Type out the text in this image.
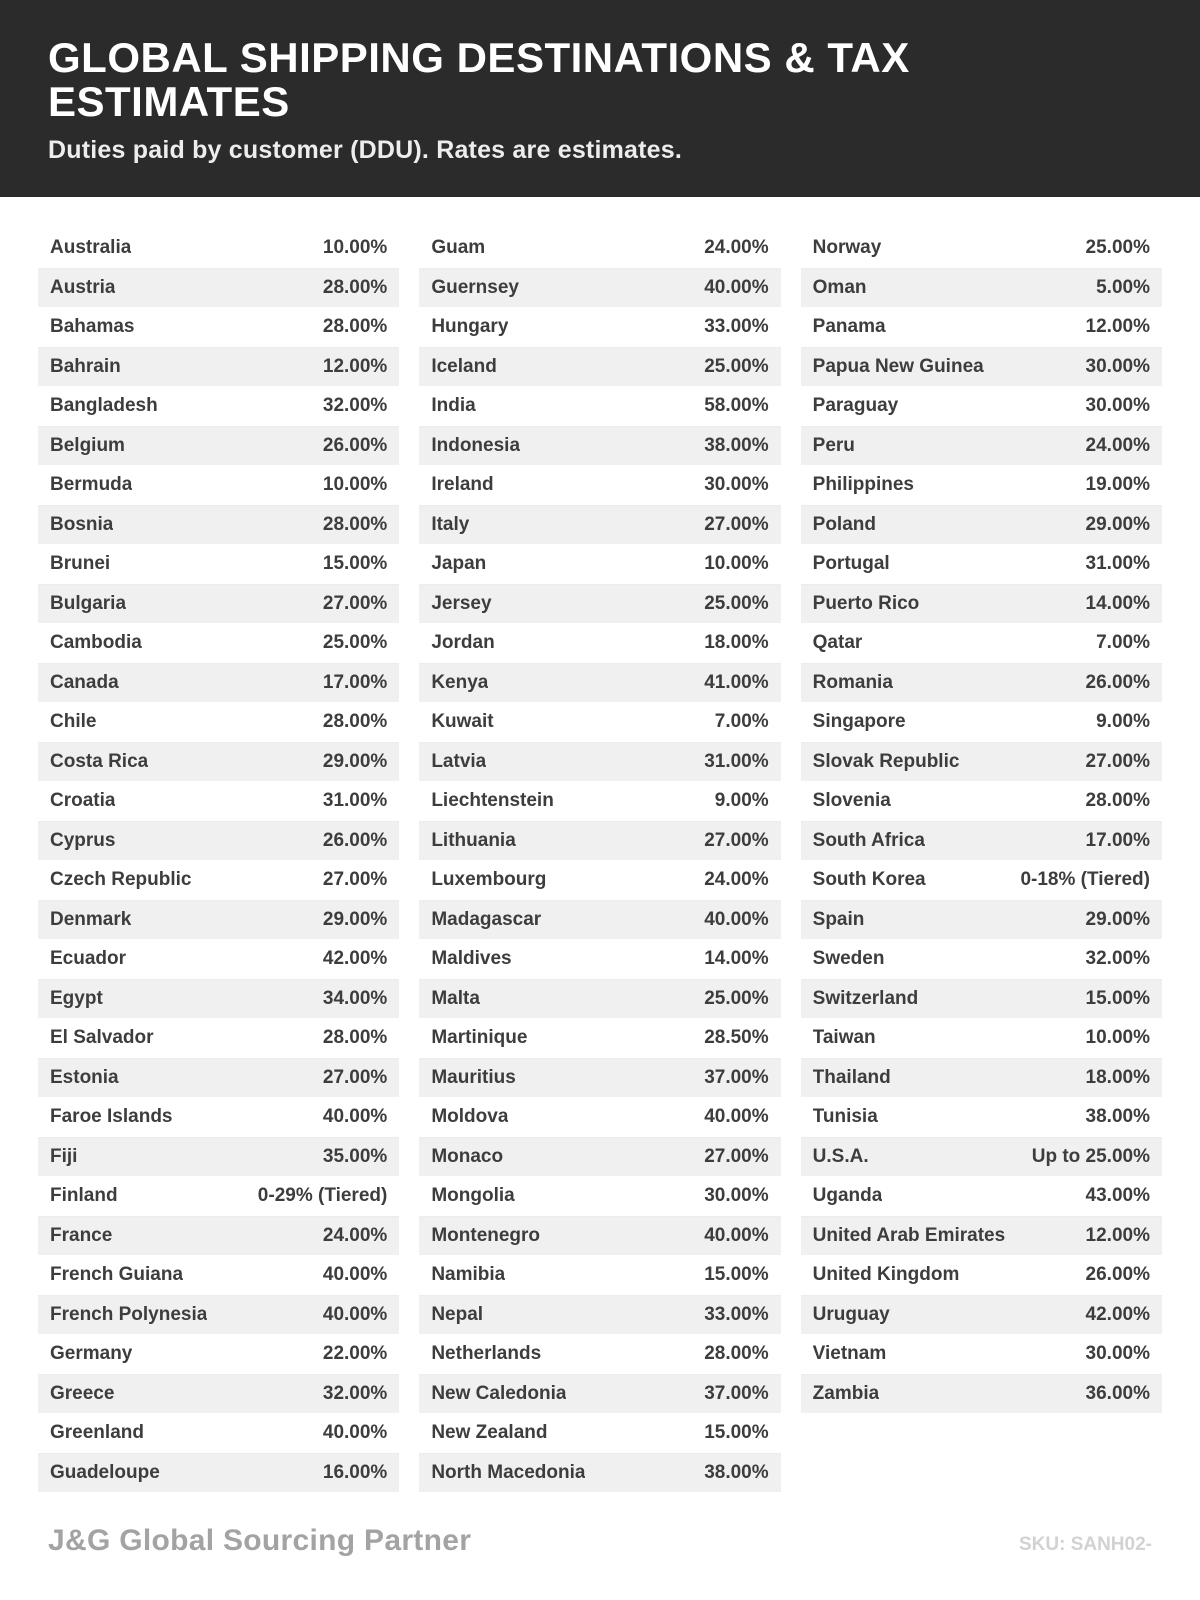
GLOBAL SHIPPING DESTINATIONS & TAX ESTIMATES

Duties paid by customer (DDU). Rates are estimates.

Australia	10.00%
Austria	28.00%
Bahamas	28.00%
Bahrain	12.00%
Bangladesh	32.00%
Belgium	26.00%
Bermuda	10.00%
Bosnia	28.00%
Brunei	15.00%
Bulgaria	27.00%
Cambodia	25.00%
Canada	17.00%
Chile	28.00%
Costa Rica	29.00%
Croatia	31.00%
Cyprus	26.00%
Czech Republic	27.00%
Denmark	29.00%
Ecuador	42.00%
Egypt	34.00%
El Salvador	28.00%
Estonia	27.00%
Faroe Islands	40.00%
Fiji	35.00%
Finland	0-29% (Tiered)
France	24.00%
French Guiana	40.00%
French Polynesia	40.00%
Germany	22.00%
Greece	32.00%
Greenland	40.00%
Guadeloupe	16.00%
Guam	24.00%
Guernsey	40.00%
Hungary	33.00%
Iceland	25.00%
India	58.00%
Indonesia	38.00%
Ireland	30.00%
Italy	27.00%
Japan	10.00%
Jersey	25.00%
Jordan	18.00%
Kenya	41.00%
Kuwait	7.00%
Latvia	31.00%
Liechtenstein	9.00%
Lithuania	27.00%
Luxembourg	24.00%
Madagascar	40.00%
Maldives	14.00%
Malta	25.00%
Martinique	28.50%
Mauritius	37.00%
Moldova	40.00%
Monaco	27.00%
Mongolia	30.00%
Montenegro	40.00%
Namibia	15.00%
Nepal	33.00%
Netherlands	28.00%
New Caledonia	37.00%
New Zealand	15.00%
North Macedonia	38.00%
Norway	25.00%
Oman	5.00%
Panama	12.00%
Papua New Guinea	30.00%
Paraguay	30.00%
Peru	24.00%
Philippines	19.00%
Poland	29.00%
Portugal	31.00%
Puerto Rico	14.00%
Qatar	7.00%
Romania	26.00%
Singapore	9.00%
Slovak Republic	27.00%
Slovenia	28.00%
South Africa	17.00%
South Korea	0-18% (Tiered)
Spain	29.00%
Sweden	32.00%
Switzerland	15.00%
Taiwan	10.00%
Thailand	18.00%
Tunisia	38.00%
U.S.A.	Up to 25.00%
Uganda	43.00%
United Arab Emirates	12.00%
United Kingdom	26.00%
Uruguay	42.00%
Vietnam	30.00%
Zambia	36.00%
J&G Global Sourcing Partner	SKU: SANH02-
